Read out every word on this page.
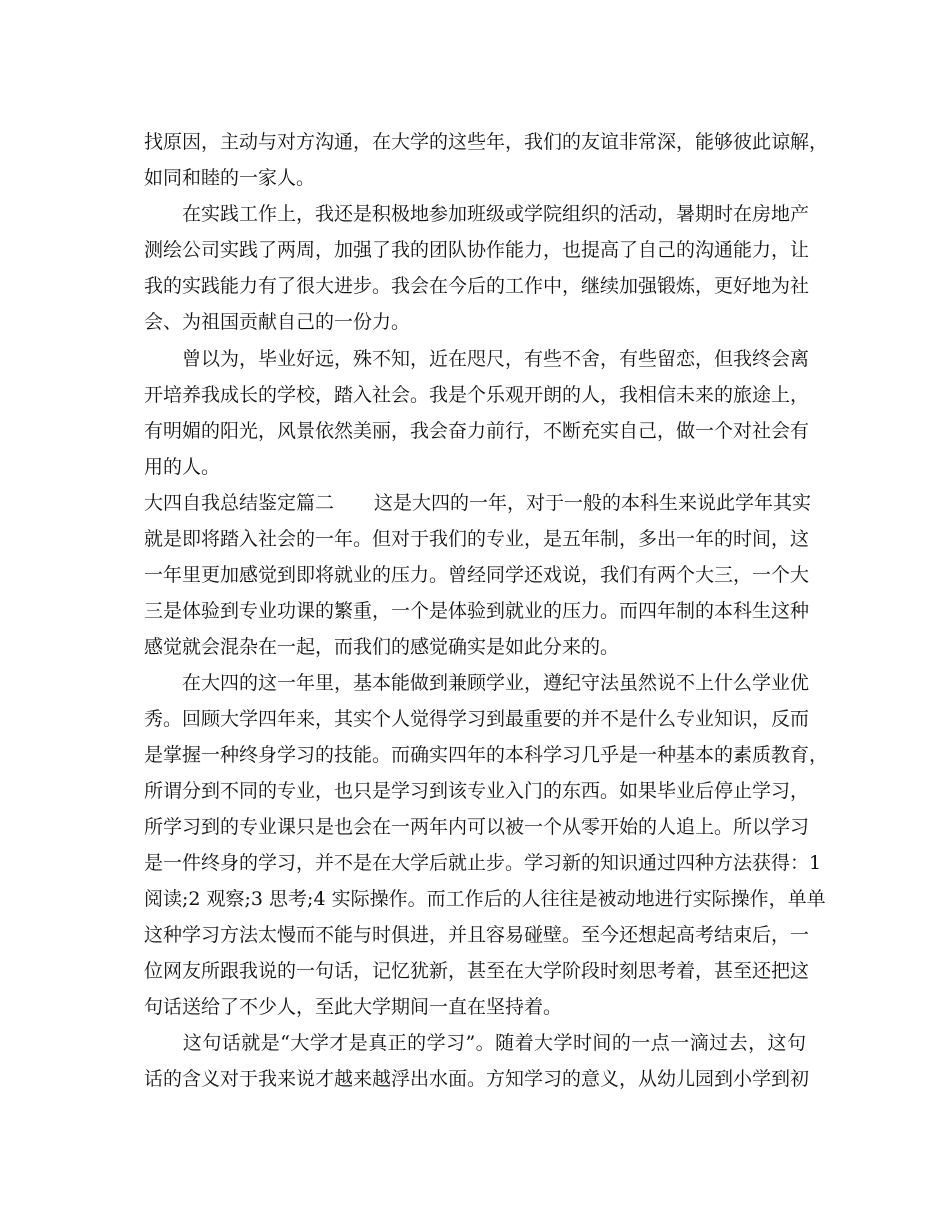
找原因，主动与对方沟通，在大学的这些年，我们的友谊非常深，能够彼此谅解，
如同和睦的一家人。
　　在实践工作上，我还是积极地参加班级或学院组织的活动，暑期时在房地产
测绘公司实践了两周，加强了我的团队协作能力，也提高了自己的沟通能力，让
我的实践能力有了很大进步。我会在今后的工作中，继续加强锻炼，更好地为社
会、为祖国贡献自己的一份力。
　　曾以为，毕业好远，殊不知，近在咫尺，有些不舍，有些留恋，但我终会离
开培养我成长的学校，踏入社会。我是个乐观开朗的人，我相信未来的旅途上，
有明媚的阳光，风景依然美丽，我会奋力前行，不断充实自己，做一个对社会有
用的人。
大四自我总结鉴定篇二 这是大四的一年，对于一般的本科生来说此学年其实
就是即将踏入社会的一年。但对于我们的专业，是五年制，多出一年的时间，这
一年里更加感觉到即将就业的压力。曾经同学还戏说，我们有两个大三，一个大
三是体验到专业功课的繁重，一个是体验到就业的压力。而四年制的本科生这种
感觉就会混杂在一起，而我们的感觉确实是如此分来的。
　　在大四的这一年里，基本能做到兼顾学业，遵纪守法虽然说不上什么学业优
秀。回顾大学四年来，其实个人觉得学习到最重要的并不是什么专业知识，反而
是掌握一种终身学习的技能。而确实四年的本科学习几乎是一种基本的素质教育，
所谓分到不同的专业，也只是学习到该专业入门的东西。如果毕业后停止学习，
所学习到的专业课只是也会在一两年内可以被一个从零开始的人追上。所以学习
是一件终身的学习，并不是在大学后就止步。学习新的知识通过四种方法获得：1
阅读;2 观察;3 思考;4 实际操作。而工作后的人往往是被动地进行实际操作，单单
这种学习方法太慢而不能与时俱进，并且容易碰壁。至今还想起高考结束后，一
位网友所跟我说的一句话，记忆犹新，甚至在大学阶段时刻思考着，甚至还把这
句话送给了不少人，至此大学期间一直在坚持着。
　　这句话就是“大学才是真正的学习”。随着大学时间的一点一滴过去，这句
话的含义对于我来说才越来越浮出水面。方知学习的意义，从幼儿园到小学到初
